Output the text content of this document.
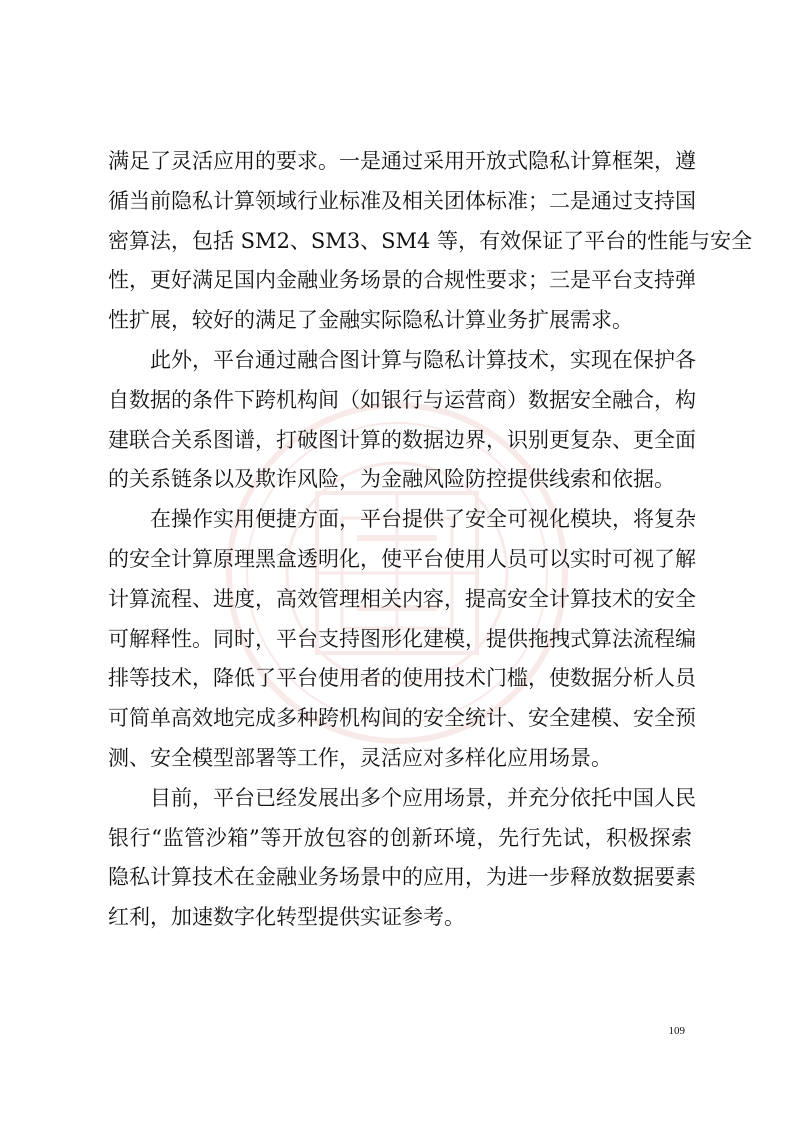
满足了灵活应用的要求。一是通过采用开放式隐私计算框架，遵
循当前隐私计算领域行业标准及相关团体标准；二是通过支持国
密算法，包括 SM2、SM3、SM4 等，有效保证了平台的性能与安全
性，更好满足国内金融业务场景的合规性要求；三是平台支持弹
性扩展，较好的满足了金融实际隐私计算业务扩展需求。
此外，平台通过融合图计算与隐私计算技术，实现在保护各
自数据的条件下跨机构间（如银行与运营商）数据安全融合，构
建联合关系图谱，打破图计算的数据边界，识别更复杂、更全面
的关系链条以及欺诈风险，为金融风险防控提供线索和依据。
在操作实用便捷方面，平台提供了安全可视化模块，将复杂
的安全计算原理黑盒透明化，使平台使用人员可以实时可视了解
计算流程、进度，高效管理相关内容，提高安全计算技术的安全
可解释性。同时，平台支持图形化建模，提供拖拽式算法流程编
排等技术，降低了平台使用者的使用技术门槛，使数据分析人员
可简单高效地完成多种跨机构间的安全统计、安全建模、安全预
测、安全模型部署等工作，灵活应对多样化应用场景。
目前，平台已经发展出多个应用场景，并充分依托中国人民
银行“监管沙箱”等开放包容的创新环境，先行先试，积极探索
隐私计算技术在金融业务场景中的应用，为进一步释放数据要素
红利，加速数字化转型提供实证参考。
109
